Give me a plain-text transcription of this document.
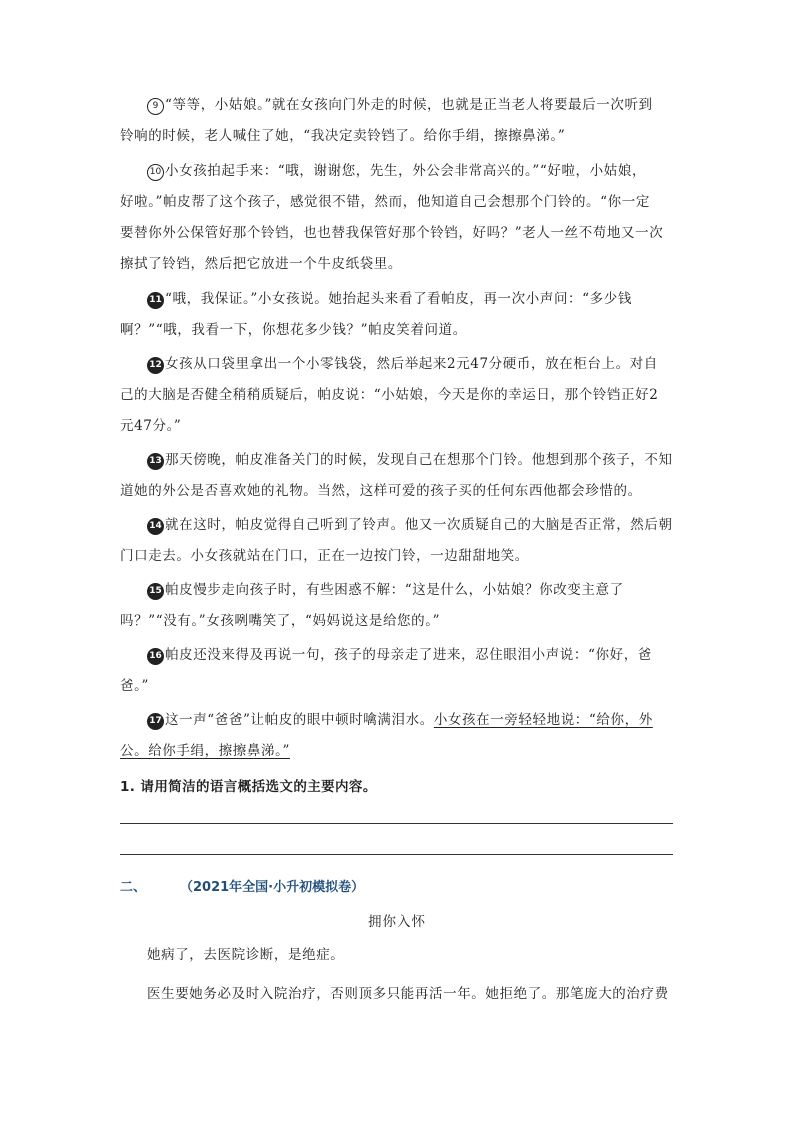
9 “等等，小姑娘。”就在女孩向门外走的时候，也就是正当老人将要最后一次听到
铃响的时候，老人喊住了她，“我决定卖铃铛了。给你手绢，擦擦鼻涕。”
10 小女孩拍起手来：“哦，谢谢您，先生，外公会非常高兴的。”“好啦，小姑娘，
好啦。”帕皮帮了这个孩子，感觉很不错，然而，他知道自己会想那个门铃的。“你一定
要替你外公保管好那个铃铛，也也替我保管好那个铃铛，好吗？”老人一丝不苟地又一次
擦拭了铃铛，然后把它放进一个牛皮纸袋里。
11 “哦，我保证。”小女孩说。她抬起头来看了看帕皮，再一次小声问：“多少钱
啊？”“哦，我看一下，你想花多少钱？”帕皮笑着问道。
12 女孩从口袋里拿出一个小零钱袋，然后举起来2元47分硬币，放在柜台上。对自
己的大脑是否健全稍稍质疑后，帕皮说：“小姑娘，今天是你的幸运日，那个铃铛正好2
元47分。”
13 那天傍晚，帕皮准备关门的时候，发现自己在想那个门铃。他想到那个孩子，不知
道她的外公是否喜欢她的礼物。当然，这样可爱的孩子买的任何东西他都会珍惜的。
14 就在这时，帕皮觉得自己听到了铃声。他又一次质疑自己的大脑是否正常，然后朝
门口走去。小女孩就站在门口，正在一边按门铃，一边甜甜地笑。
15 帕皮慢步走向孩子时，有些困惑不解：“这是什么，小姑娘？你改变主意了
吗？”“没有。”女孩咧嘴笑了，“妈妈说这是给您的。”
16 帕皮还没来得及再说一句，孩子的母亲走了进来，忍住眼泪小声说：“你好，爸
爸。”
17 这一声“爸爸”让帕皮的眼中顿时噙满泪水。小女孩在一旁轻轻地说：“给你，外
公。给你手绢，擦擦鼻涕。”
1. 请用简洁的语言概括选文的主要内容。
二、	（2021年全国·小升初模拟卷）
拥你入怀
她病了，去医院诊断，是绝症。
医生要她务必及时入院治疗，否则顶多只能再活一年。她拒绝了。那笔庞大的治疗费
